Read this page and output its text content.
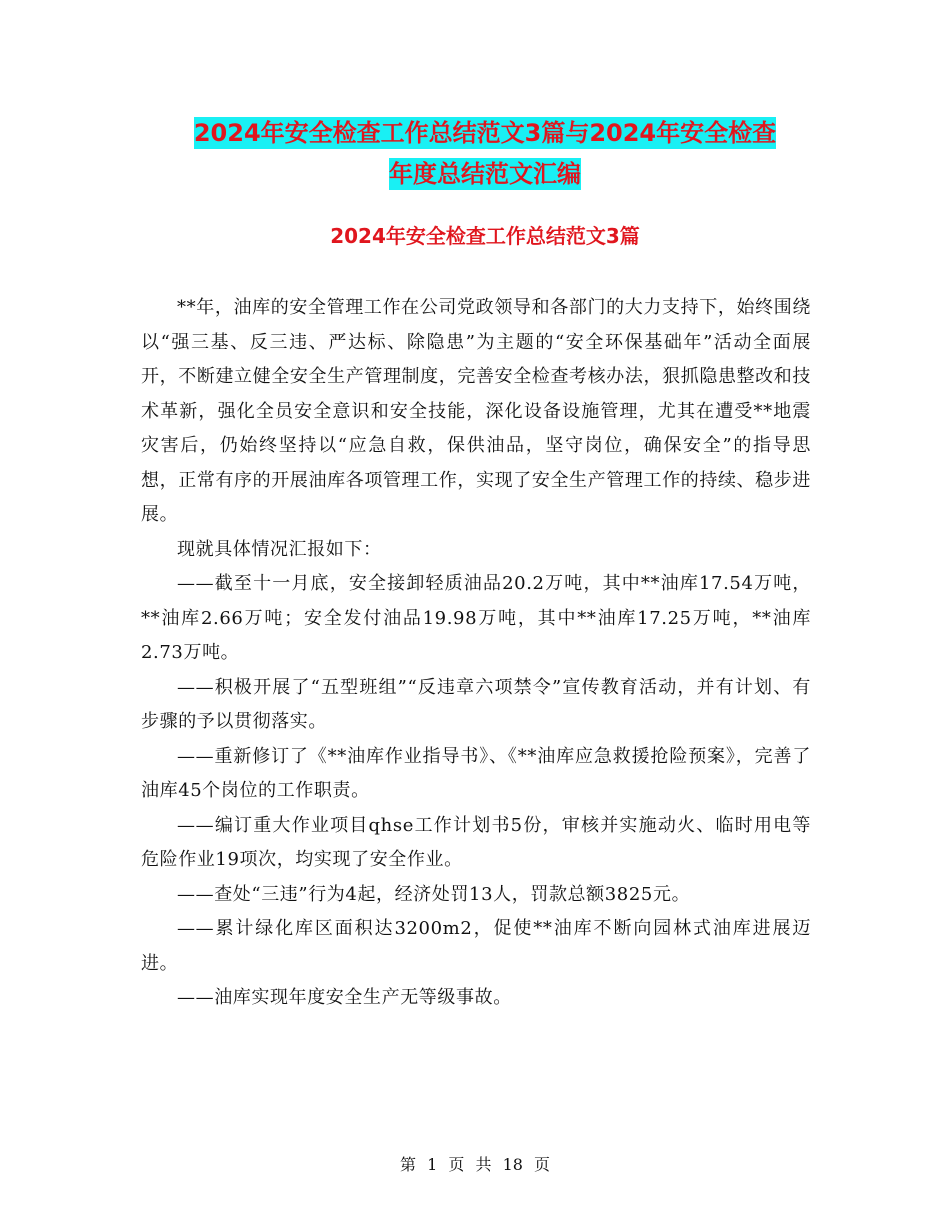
2024年安全检查工作总结范文3篇与2024年安全检查
年度总结范文汇编
2024年安全检查工作总结范文3篇

**年，油库的安全管理工作在公司党政领导和各部门的大力支持下，始终围绕以“强三基、反三违、严达标、除隐患”为主题的“安全环保基础年”活动全面展开，不断建立健全安全生产管理制度，完善安全检查考核办法，狠抓隐患整改和技术革新，强化全员安全意识和安全技能，深化设备设施管理，尤其在遭受**地震灾害后，仍始终坚持以“应急自救，保供油品，坚守岗位，确保安全”的指导思想，正常有序的开展油库各项管理工作，实现了安全生产管理工作的持续、稳步进展。

现就具体情况汇报如下：

——截至十一月底，安全接卸轻质油品20.2万吨，其中**油库17.54万吨，**油库2.66万吨；安全发付油品19.98万吨，其中**油库17.25万吨，**油库2.73万吨。

——积极开展了“五型班组”“反违章六项禁令”宣传教育活动，并有计划、有步骤的予以贯彻落实。

——重新修订了《**油库作业指导书》、《**油库应急救援抢险预案》，完善了油库45个岗位的工作职责。

——编订重大作业项目qhse工作计划书5份，审核并实施动火、临时用电等危险作业19项次，均实现了安全作业。

——查处“三违”行为4起，经济处罚13人，罚款总额3825元。

——累计绿化库区面积达3200m2，促使**油库不断向园林式油库进展迈进。

——油库实现年度安全生产无等级事故。

第 1 页 共 18 页
